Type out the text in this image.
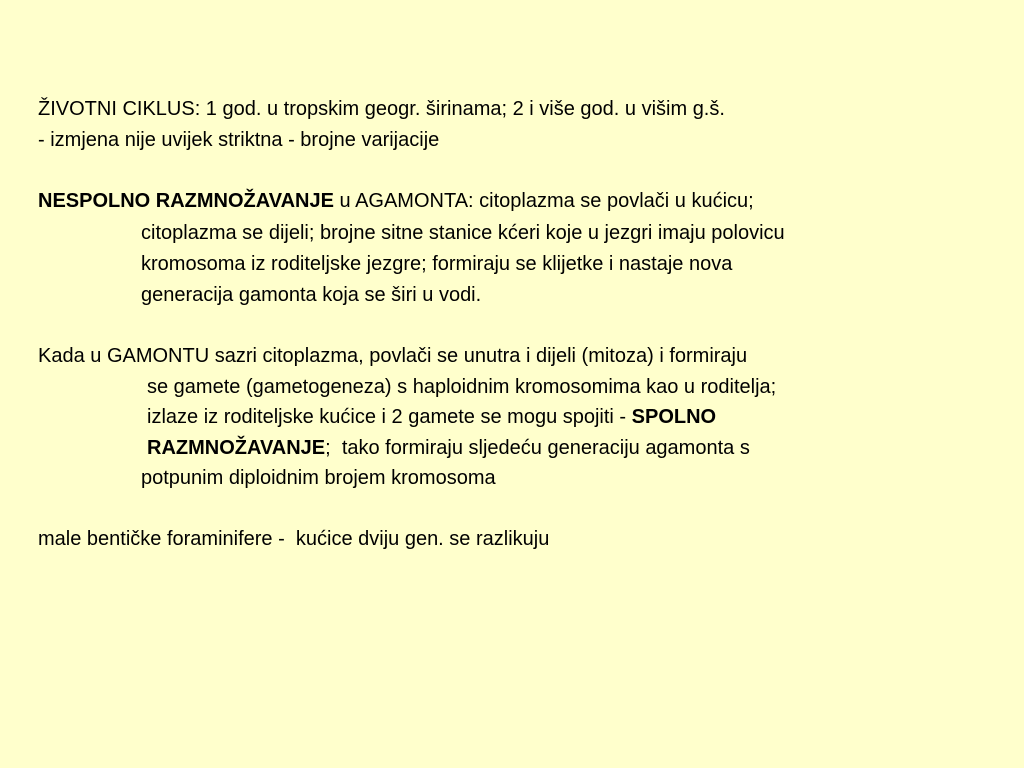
ŽIVOTNI CIKLUS: 1 god. u tropskim geogr. širinama; 2 i više god. u višim g.š.
- izmjena nije uvijek striktna - brojne varijacije
NESPOLNO RAZMNOŽAVANJE u AGAMONTA: citoplazma se povlači u kućicu;
citoplazma se dijeli; brojne sitne stanice kćeri koje u jezgri imaju polovicu
kromosoma iz roditeljske jezgre; formiraju se klijetke i nastaje nova
generacija gamonta koja se širi u vodi.
Kada u GAMONTU sazri citoplazma, povlači se unutra i dijeli (mitoza) i formiraju
se gamete (gametogeneza) s haploidnim kromosomima kao u roditelja;
izlaze iz roditeljske kućice i 2 gamete se mogu spojiti - SPOLNO
RAZMNOŽAVANJE;  tako formiraju sljedeću generaciju agamonta s
potpunim diploidnim brojem kromosoma
male bentičke foraminifere -  kućice dviju gen. se razlikuju
